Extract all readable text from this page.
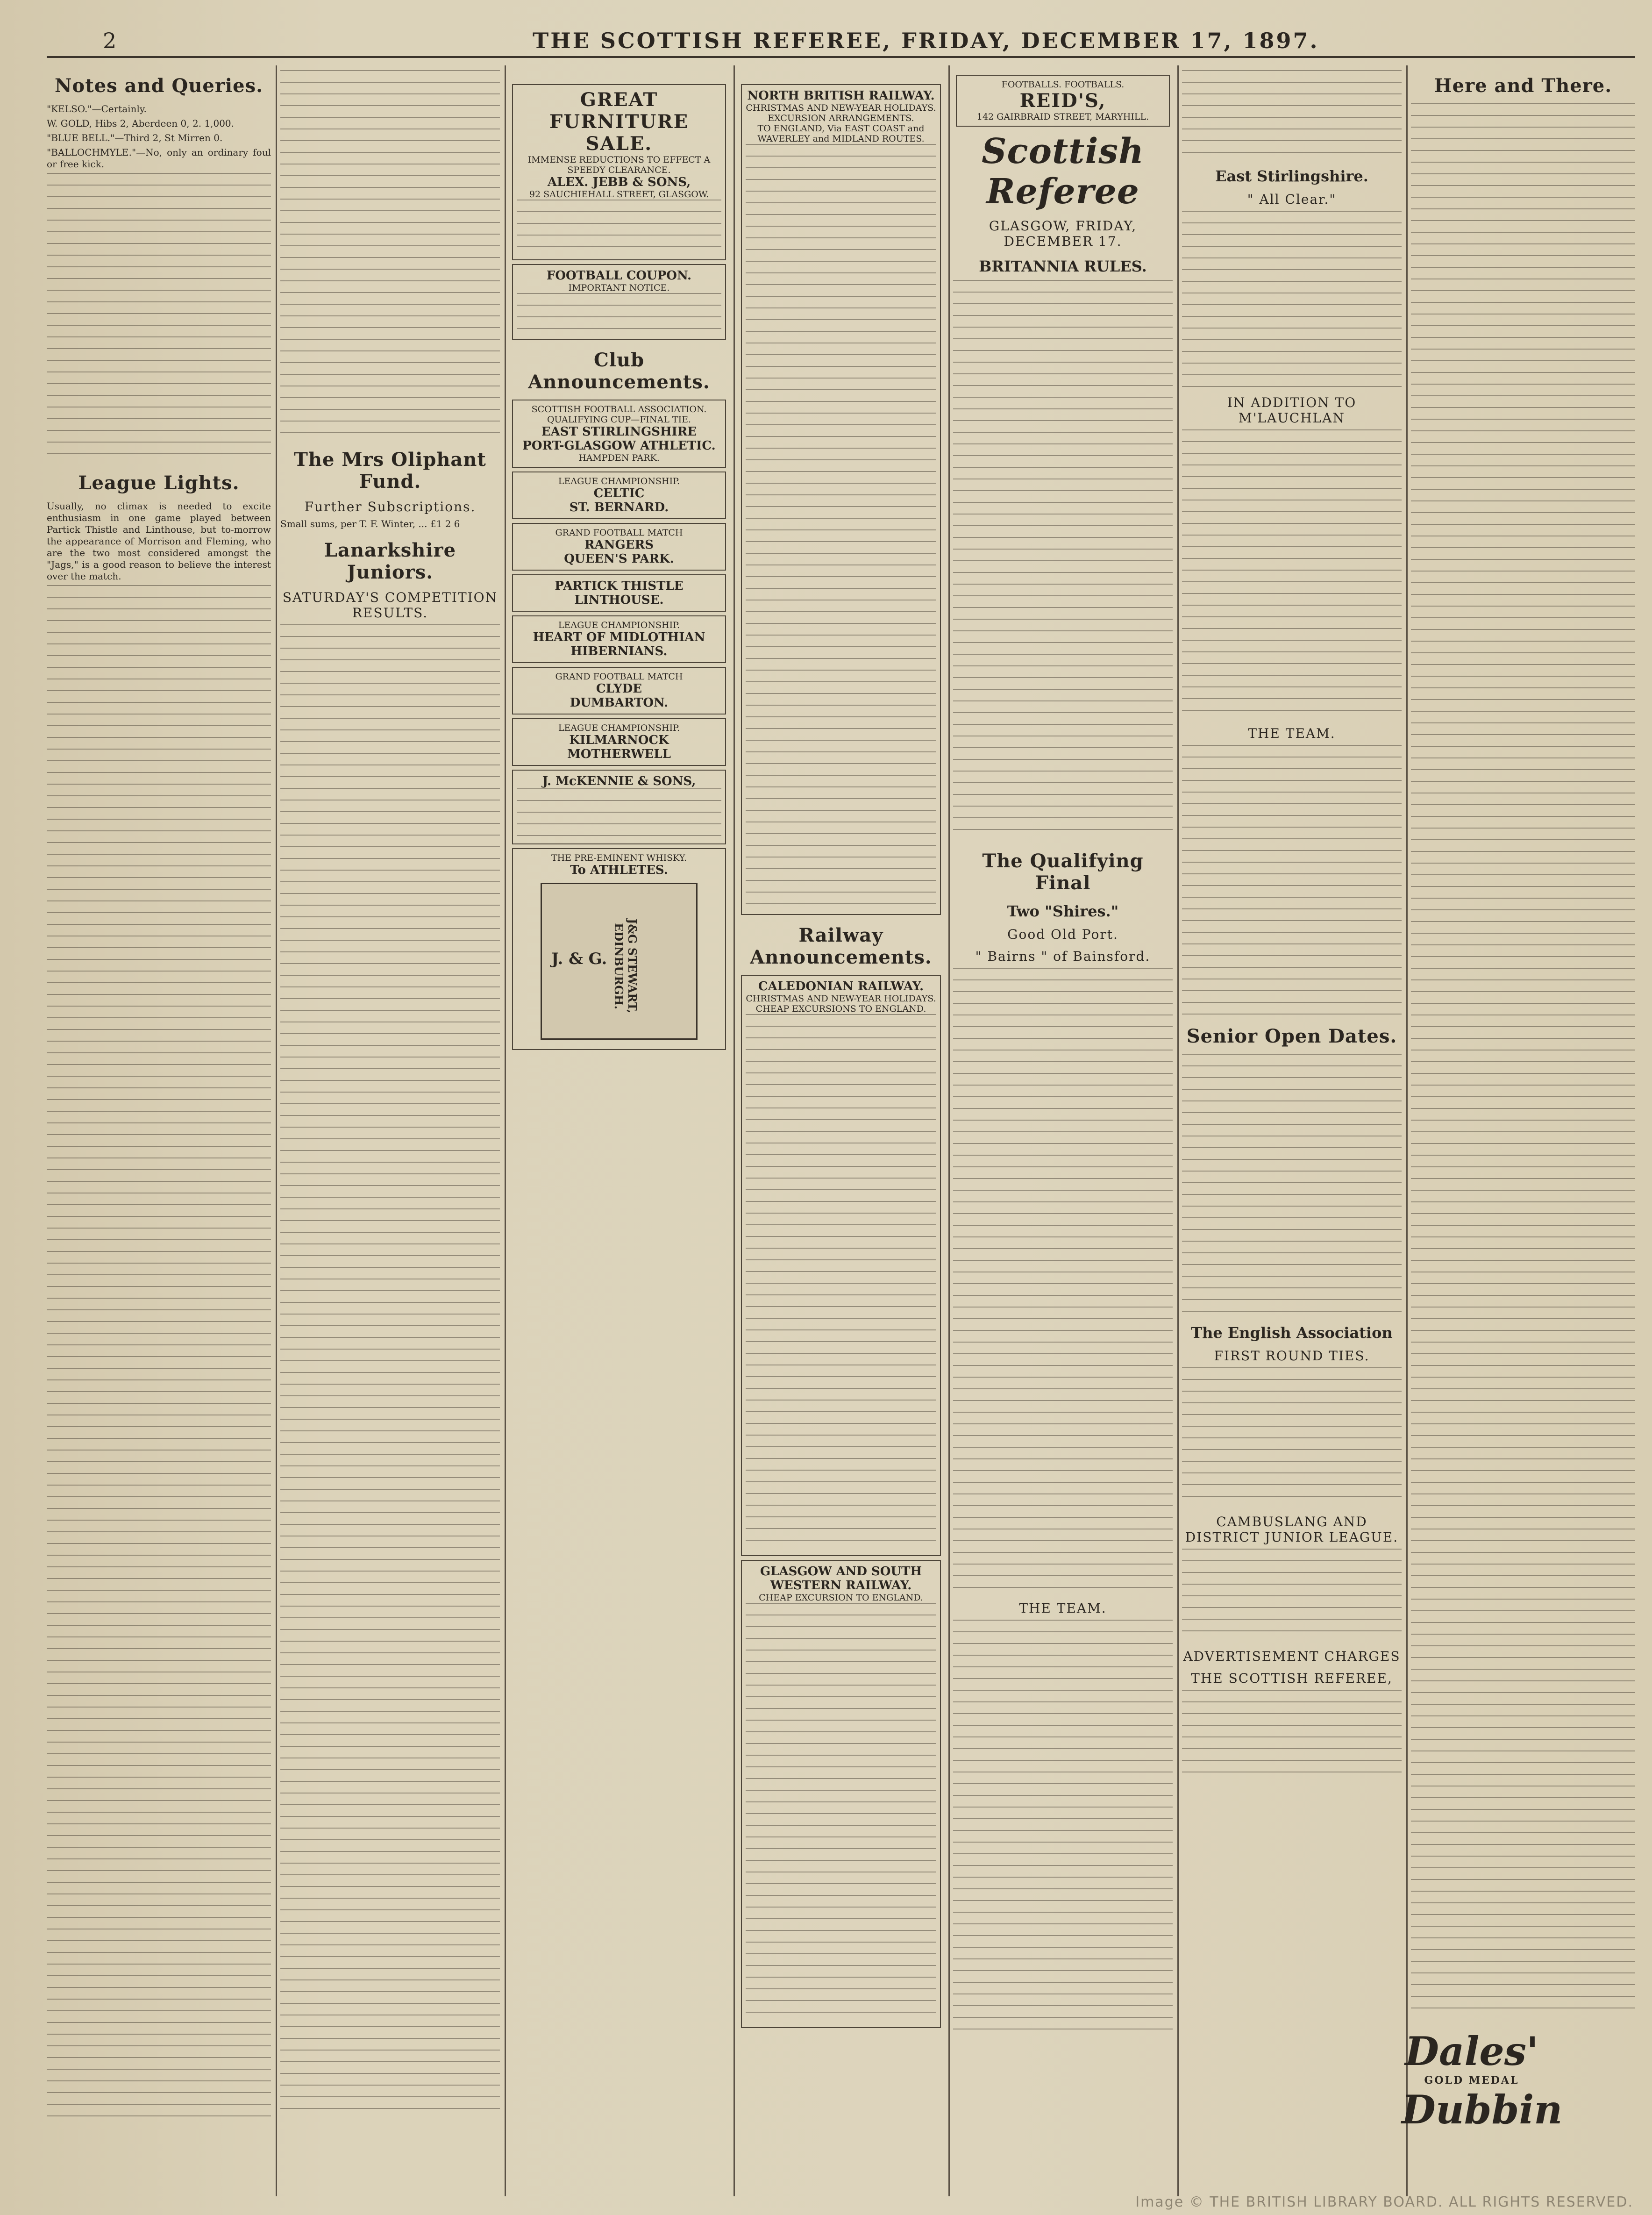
2	THE SCOTTISH REFEREE, FRIDAY, DECEMBER 17, 1897.
Notes and Queries.

"KELSO."—Certainly.

W. GOLD, Hibs 2, Aberdeen 0, 2. 1,000.

"BLUE BELL."—Third 2, St Mirren 0.

"BALLOCHMYLE."—No, only an ordinary foul or free kick.

League Lights.

Usually, no climax is needed to excite enthusiasm in one game played between Partick Thistle and Linthouse, but to-morrow the appearance of Morrison and Fleming, who are the two most considered amongst the "Jags," is a good reason to believe the interest over the match.

The Mrs Oliphant Fund.
Further Subscriptions.

Small sums, per T. F. Winter, ... £1 2 6

Lanarkshire Juniors.
SATURDAY'S COMPETITION RESULTS.
GREAT FURNITURE SALE.
IMMENSE REDUCTIONS TO EFFECT A SPEEDY CLEARANCE.
ALEX. JEBB & SONS,
92 SAUCHIEHALL STREET, GLASGOW.
FOOTBALL COUPON.
IMPORTANT NOTICE.
Club Announcements.
SCOTTISH FOOTBALL ASSOCIATION.
QUALIFYING CUP—FINAL TIE.
EAST STIRLINGSHIRE
PORT-GLASGOW ATHLETIC.
HAMPDEN PARK.
LEAGUE CHAMPIONSHIP.
CELTIC
ST. BERNARD.
GRAND FOOTBALL MATCH
RANGERS
QUEEN'S PARK.
PARTICK THISTLE
LINTHOUSE.
LEAGUE CHAMPIONSHIP.
HEART OF MIDLOTHIAN
HIBERNIANS.
GRAND FOOTBALL MATCH
CLYDE
DUMBARTON.
LEAGUE CHAMPIONSHIP.
KILMARNOCK
MOTHERWELL
J. McKENNIE & SONS,
THE PRE-EMINENT WHISKY.
To ATHLETES.
J. & G.	J&G STEWART, EDINBURGH.
NORTH BRITISH RAILWAY.
CHRISTMAS AND NEW-YEAR HOLIDAYS.
EXCURSION ARRANGEMENTS.
TO ENGLAND, Via EAST COAST and WAVERLEY and MIDLAND ROUTES.
Railway Announcements.
CALEDONIAN RAILWAY.
CHRISTMAS AND NEW-YEAR HOLIDAYS.
CHEAP EXCURSIONS TO ENGLAND.
GLASGOW AND SOUTH WESTERN RAILWAY.
CHEAP EXCURSION TO ENGLAND.
FOOTBALLS. FOOTBALLS.
REID'S,
142 GAIRBRAID STREET, MARYHILL.
Scottish Referee
GLASGOW, FRIDAY, DECEMBER 17.
BRITANNIA RULES.
The Qualifying Final
Two "Shires."
Good Old Port.
" Bairns " of Bainsford.
THE TEAM.
East Stirlingshire.
" All Clear."
IN ADDITION TO M'LAUCHLAN
THE TEAM.
Senior Open Dates.
The English Association
FIRST ROUND TIES.
CAMBUSLANG AND DISTRICT JUNIOR LEAGUE.
ADVERTISEMENT CHARGES
THE SCOTTISH REFEREE,
Here and There.
Dales'
GOLD MEDAL
Dubbin
Image © THE BRITISH LIBRARY BOARD. ALL RIGHTS RESERVED.
